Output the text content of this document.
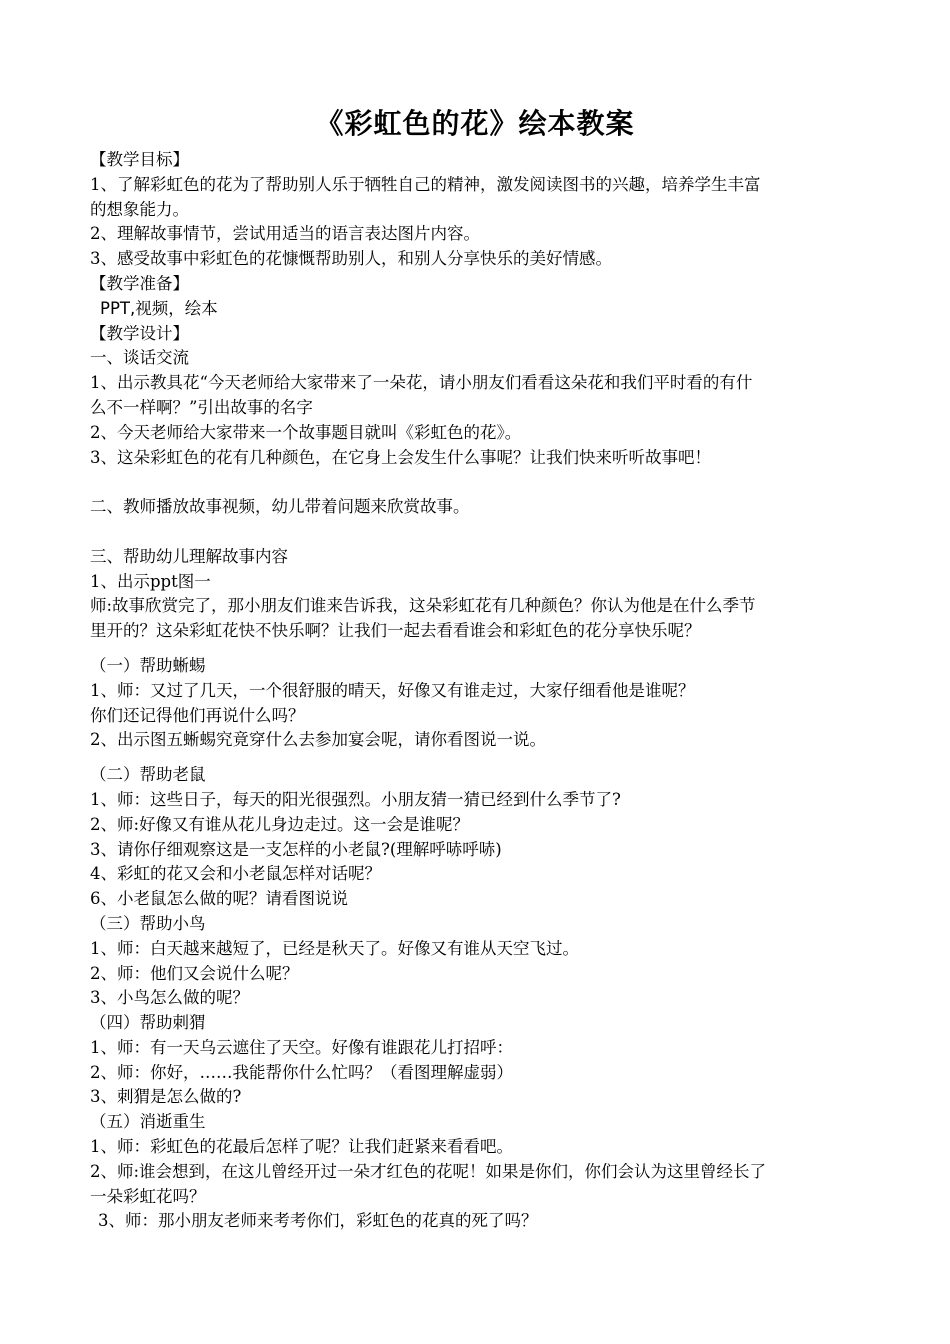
《彩虹色的花》绘本教案
【教学目标】
1、了解彩虹色的花为了帮助别人乐于牺牲自己的精神，激发阅读图书的兴趣，培养学生丰富
的想象能力。
2、理解故事情节，尝试用适当的语言表达图片内容。
3、感受故事中彩虹色的花慷慨帮助别人，和别人分享快乐的美好情感。
【教学准备】
PPT,视频，绘本
【教学设计】
一、谈话交流
1、出示教具花“今天老师给大家带来了一朵花，请小朋友们看看这朵花和我们平时看的有什
么不一样啊？”引出故事的名字
2、今天老师给大家带来一个故事题目就叫《彩虹色的花》。
3、这朵彩虹色的花有几种颜色，在它身上会发生什么事呢？让我们快来听听故事吧！
二、教师播放故事视频，幼儿带着问题来欣赏故事。
三、帮助幼儿理解故事内容
1、出示ppt图一
师:故事欣赏完了，那小朋友们谁来告诉我，这朵彩虹花有几种颜色？你认为他是在什么季节
里开的？这朵彩虹花快不快乐啊？让我们一起去看看谁会和彩虹色的花分享快乐呢？
（一）帮助蜥蜴
1、师：又过了几天，一个很舒服的晴天，好像又有谁走过，大家仔细看他是谁呢？
你们还记得他们再说什么吗？
2、出示图五蜥蜴究竟穿什么去参加宴会呢，请你看图说一说。
（二）帮助老鼠
1、师：这些日子，每天的阳光很强烈。小朋友猜一猜已经到什么季节了?
2、师:好像又有谁从花儿身边走过。这一会是谁呢？
3、请你仔细观察这是一支怎样的小老鼠?(理解呼哧呼哧)
4、彩虹的花又会和小老鼠怎样对话呢？
6、小老鼠怎么做的呢？请看图说说
（三）帮助小鸟
1、师：白天越来越短了，已经是秋天了。好像又有谁从天空飞过。
2、师：他们又会说什么呢？
3、小鸟怎么做的呢？
（四）帮助刺猬
1、师：有一天乌云遮住了天空。好像有谁跟花儿打招呼：
2、师：你好，……我能帮你什么忙吗？（看图理解虚弱）
3、刺猬是怎么做的?
（五）消逝重生
1、师：彩虹色的花最后怎样了呢？让我们赶紧来看看吧。
2、师:谁会想到，在这儿曾经开过一朵才红色的花呢！如果是你们，你们会认为这里曾经长了
一朵彩虹花吗？
3、师：那小朋友老师来考考你们，彩虹色的花真的死了吗？
